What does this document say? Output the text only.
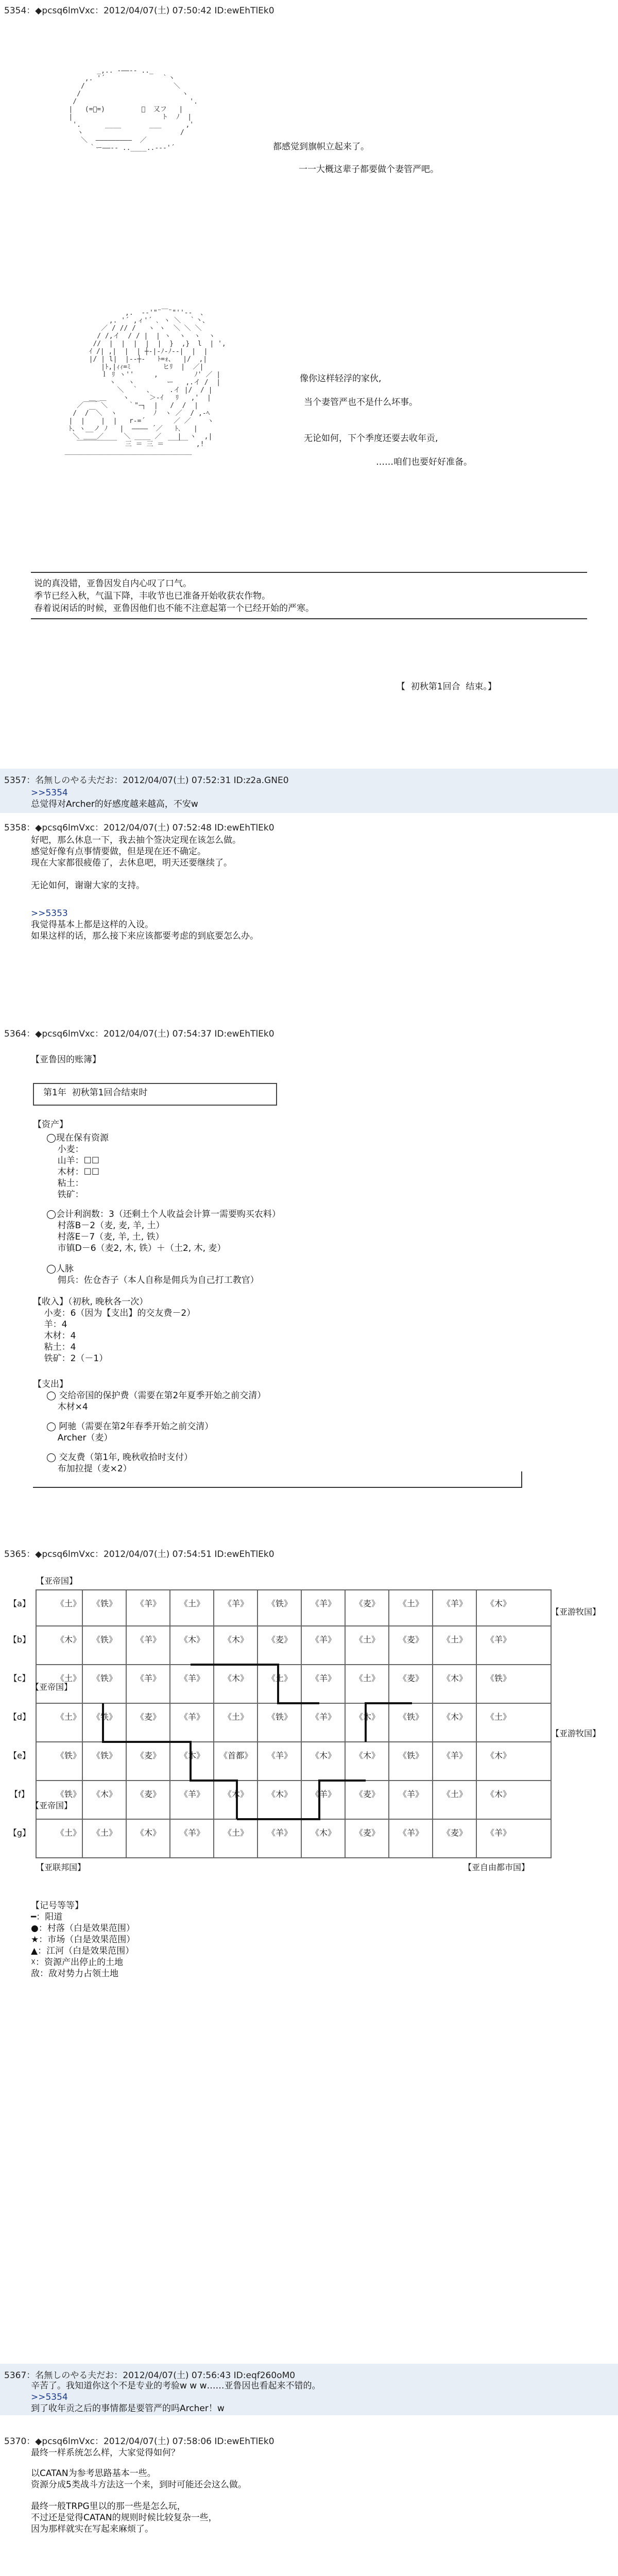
5354：◆pcsq6lmVxc：2012/04/07(土) 07:50:42 ID:ewEhTlEk0
_,.. -――-- .._
,. '´              ｀丶
/                      ＼
/                         ヽ
/                            '.
|   (=ﾟ=)         ｛  又フ   |
|                      ト  ﾉ  |
'.      ____       ___      ,'
ヽ                        /
＼  ―――――――――  ／
｀ー――-- ..____..--‐'´	都感觉到旗帜立起来了。
一一大概这辈子都要做个妻管严吧。
,.  -‐'"¨￣¨"''‐-  、
,. '´ ,ィ'´ ､ ヽ ＼  ｀丶、
／ / // /   ヽ ヽ  ＼ ＼ ＼
/ /,イ  / / |  | ヽ  ヽ  ヽ  ヽ
//  |  |  |  |  |  }  ,}  l  | ',
ｲ /| ,|  |  | ┼‐|‐ﾉ‐ﾉ--|  |  |
|/ | l|  |--┼‐   ﾄ=ｫ、  |/  ,|
|ﾄ,|ｨｨ=ﾐ        ヒﾘ  |  ／|
ｌ ﾘ ヽ''     ,         ﾉ' ／ |
ヽ   ヽ        ー   ,.イ /  |
＼  ｀  、    .イ |/  / |
＿_＿    ヽ     ＞‐ｲ   ﾘ   ,'  |
／￣￣ ＼     ｀"ｰ┐  |   /  /  |
/  /￣＼  ヽ         ﾉ  ヽ ／  / ,‐ﾍ
|  |    |  |   r‐=´       ／ ／    ヽ
ﾄ、ヽ__ノ ﾉ   |  ―――― ´／   ﾄ､   |
＼ ＿＿／     ＼ ____ ／    |  ヽ  ,|
￣￣￣￣￣￣  三 ＝ 三 ＝ ￣￣￣  ,!
＿＿＿＿＿＿＿＿＿＿＿＿＿＿＿＿＿＿＿
像你这样轻浮的家伙,
当个妻管严也不是什么坏事。
无论如何，下个季度还要去收年贡,
……咱们也要好好准备。
说的真没错，亚鲁因发自内心叹了口气。
季节已经入秋，气温下降，丰收节也已准备开始收获农作物。
春着说闲话的时候，亚鲁因他们也不能不注意起第一个已经开始的严寒。
【  初秋第1回合  结束。】
5357：名無しのやる夫だお：2012/04/07(土) 07:52:31 ID:z2a.GNE0
>>5354
总觉得对Archer的好感度越来越高，不安w
5358：◆pcsq6lmVxc：2012/04/07(土) 07:52:48 ID:ewEhTlEk0
好吧，那么休息一下，我去抽个签决定现在该怎么做。
感觉好像有点事情要做，但是现在还不确定。
现在大家都很疲倦了，去休息吧，明天还要继续了。
无论如何，谢谢大家的支持。
>>5353
我觉得基本上都是这样的入设。
如果这样的话，那么接下来应该都要考虑的到底要怎么办。
5364：◆pcsq6lmVxc：2012/04/07(土) 07:54:37 ID:ewEhTlEk0
【亚鲁因的账簿】
第1年  初秋第1回合结束时
【资产】
◯现在保有资源
小麦：
山羊：☐☐
木材：☐☐
粘土：
铁矿：
◯会计利润数：3（还剩土个人收益会计算一需要购买农料）
村落B－2（麦, 麦, 羊, 土）
村落E－7（麦, 羊, 土, 铁）
市镇D－6（麦2, 木, 铁）＋（土2, 木, 麦）
◯人脉
佣兵：佐仓杏子（本人自称是佣兵为自己打工教官）
【收入】（初秋, 晚秋各一次）
小麦：6（因为【支出】的交友费－2）
羊：4
木材：4
粘土：4
铁矿：2（－1）
【支出】
◯ 交给帝国的保护费（需要在第2年夏季开始之前交清）
木材×4
◯ 阿驰（需要在第2年春季开始之前交清）
Archer（麦）
◯ 交友费（第1年, 晚秋收拾时支付）
布加拉提（麦×2）
5365：◆pcsq6lmVxc：2012/04/07(土) 07:54:51 ID:ewEhTlEk0
【亚帝国】
【亚游牧国】
【亚帝国】
【亚游牧国】
【亚帝国】
【亚联邦国】	【亚自由都市国】
【a】
【b】
【c】
【d】
【e】
【f】
【g】
《土》	《铁》	《羊》	《土》	《羊》	《铁》	《羊》	《麦》	《土》	《羊》	《木》
《木》	《铁》	《羊》	《木》	《木》	《麦》	《羊》	《土》	《麦》	《土》	《羊》
《土》	《铁》	《羊》	《羊》	《木》	《土》	《羊》	《土》	《麦》	《木》	《铁》
《土》	《铁》	《麦》	《羊》	《土》	《铁》	《羊》	《木》	《铁》	《木》	《土》
《铁》	《铁》	《麦》	《木》	《首都》	《羊》	《木》	《木》	《铁》	《羊》	《木》
《铁》	《木》	《麦》	《羊》	《木》	《木》	《羊》	《麦》	《羊》	《土》	《木》
《土》	《土》	《木》	《羊》	《土》	《羊》	《木》	《麦》	《羊》	《麦》	《羊》
【记号等等】
━：阳道
●：村落（白是效果范围）
★：市场（白是效果范围）
▲：江河（白是效果范围）
☓：资源产出停止的土地
敌：敌对势力占领土地
5367：名無しのやる夫だお：2012/04/07(土) 07:56:43 ID:eqf260oM0
辛苦了。我知道你这个不是专业的考验w w w……亚鲁因也看起来不错的。
>>5354
到了收年贡之后的事情都是要管严的吗Archer！w
5370：◆pcsq6lmVxc：2012/04/07(土) 07:58:06 ID:ewEhTlEk0
最终一样系统怎么样，大家觉得如何？
以CATAN为参考思路基本一些。
资源分成5类战斗方法这一个来，到时可能还会这么做。
最终一般TRPG里以的那一些是怎么玩，
不过还是觉得CATAN的规则时候比较复杂一些，
因为那样就实在写起来麻烦了。
